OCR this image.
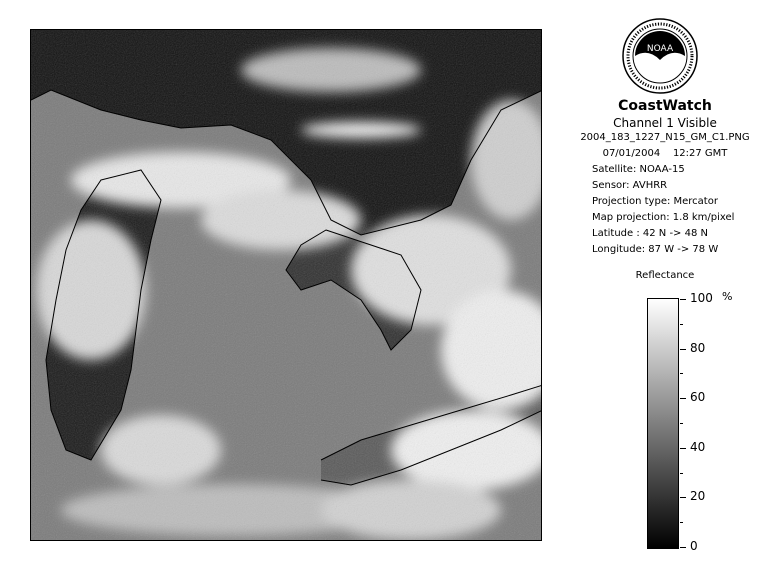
NOAA
CoastWatch
Channel 1 Visible
2004_183_1227_N15_GM_C1.PNG
07/01/2004 12:27 GMT
Satellite: NOAA-15
Sensor: AVHRR
Projection type: Mercator
Map projection: 1.8 km/pixel
Latitude : 42 N -> 48 N
Longitude: 87 W -> 78 W
Reflectance
%
0
20
40
60
80
100
